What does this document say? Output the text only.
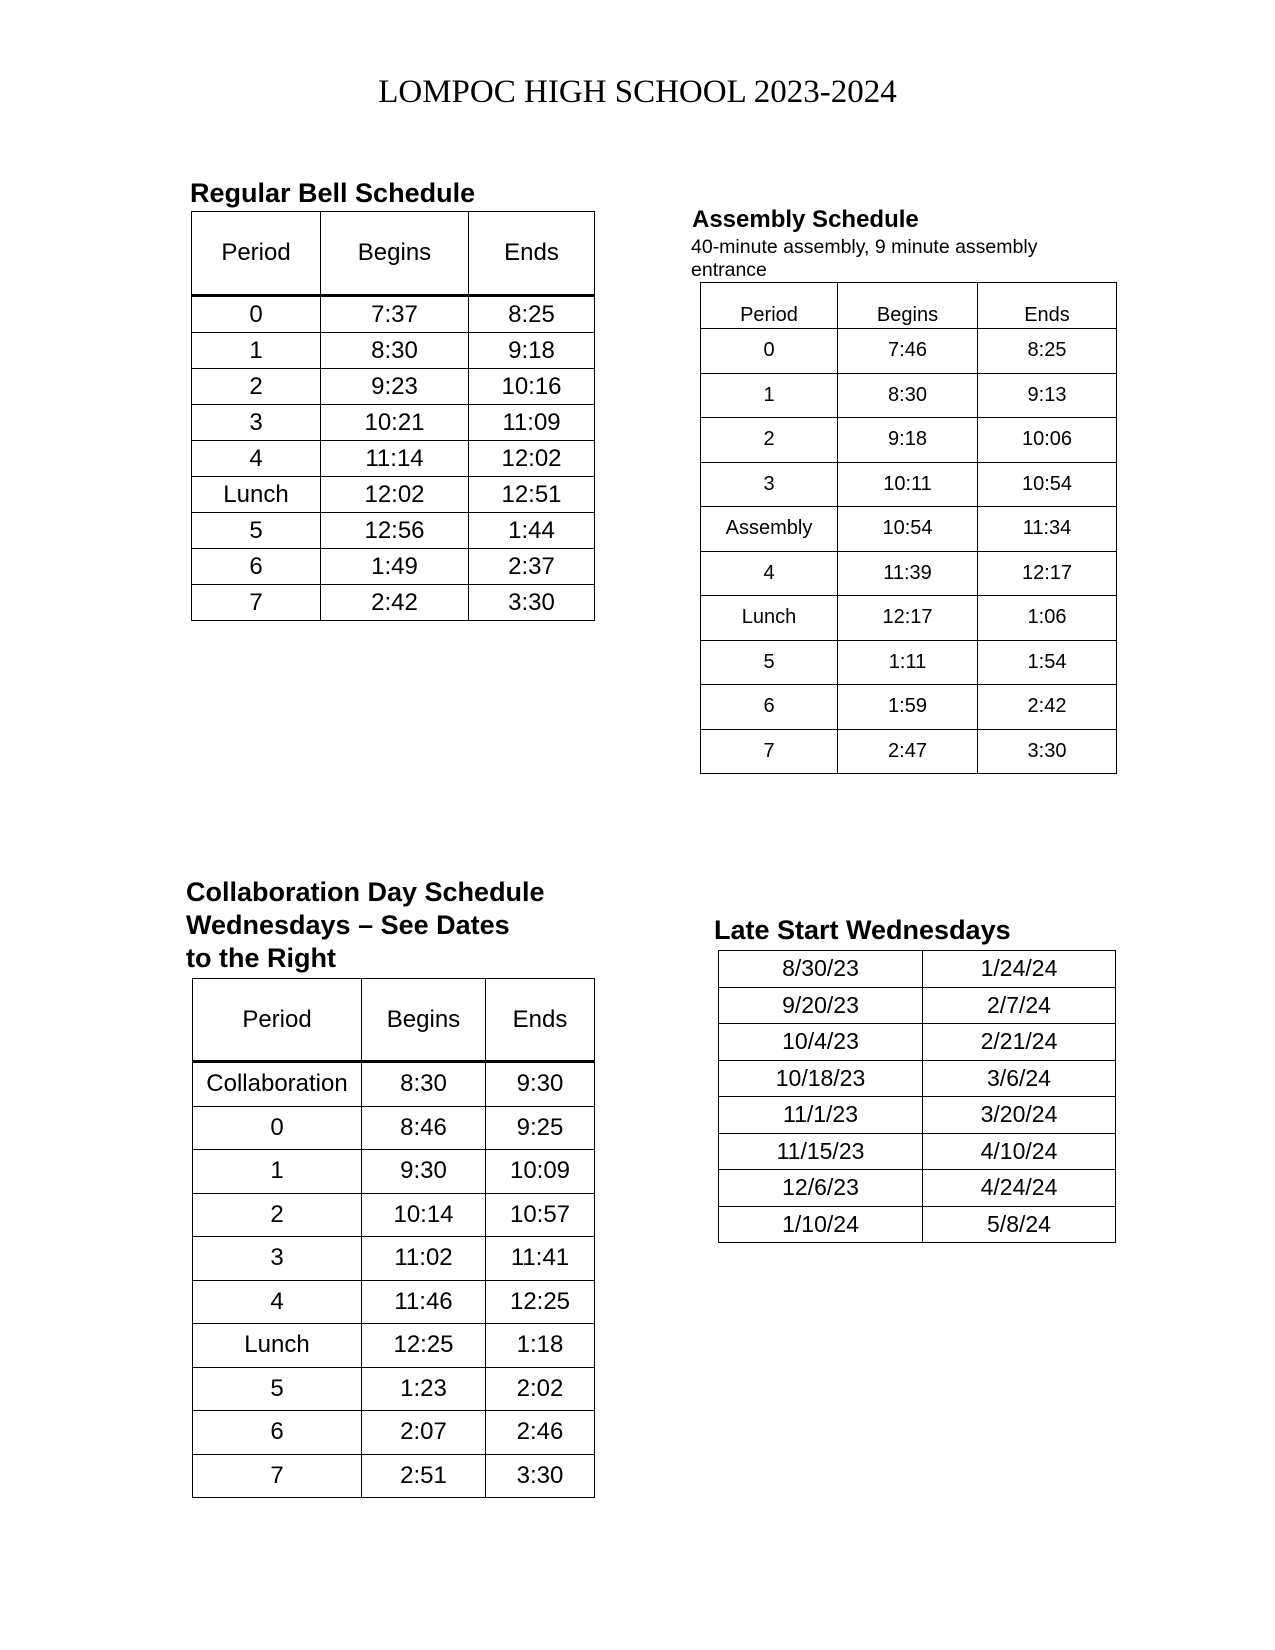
LOMPOC HIGH SCHOOL 2023-2024
Regular Bell Schedule
Period	Begins	Ends
0	7:37	8:25
1	8:30	9:18
2	9:23	10:16
3	10:21	11:09
4	11:14	12:02
Lunch	12:02	12:51
5	12:56	1:44
6	1:49	2:37
7	2:42	3:30
Assembly Schedule
40-minute assembly, 9 minute assembly entrance
Period	Begins	Ends
0	7:46	8:25
1	8:30	9:13
2	9:18	10:06
3	10:11	10:54
Assembly	10:54	11:34
4	11:39	12:17
Lunch	12:17	1:06
5	1:11	1:54
6	1:59	2:42
7	2:47	3:30
Collaboration Day Schedule
Wednesdays – See Dates
to the Right
Period	Begins	Ends
Collaboration	8:30	9:30
0	8:46	9:25
1	9:30	10:09
2	10:14	10:57
3	11:02	11:41
4	11:46	12:25
Lunch	12:25	1:18
5	1:23	2:02
6	2:07	2:46
7	2:51	3:30
Late Start Wednesdays
8/30/23	1/24/24
9/20/23	2/7/24
10/4/23	2/21/24
10/18/23	3/6/24
11/1/23	3/20/24
11/15/23	4/10/24
12/6/23	4/24/24
1/10/24	5/8/24
